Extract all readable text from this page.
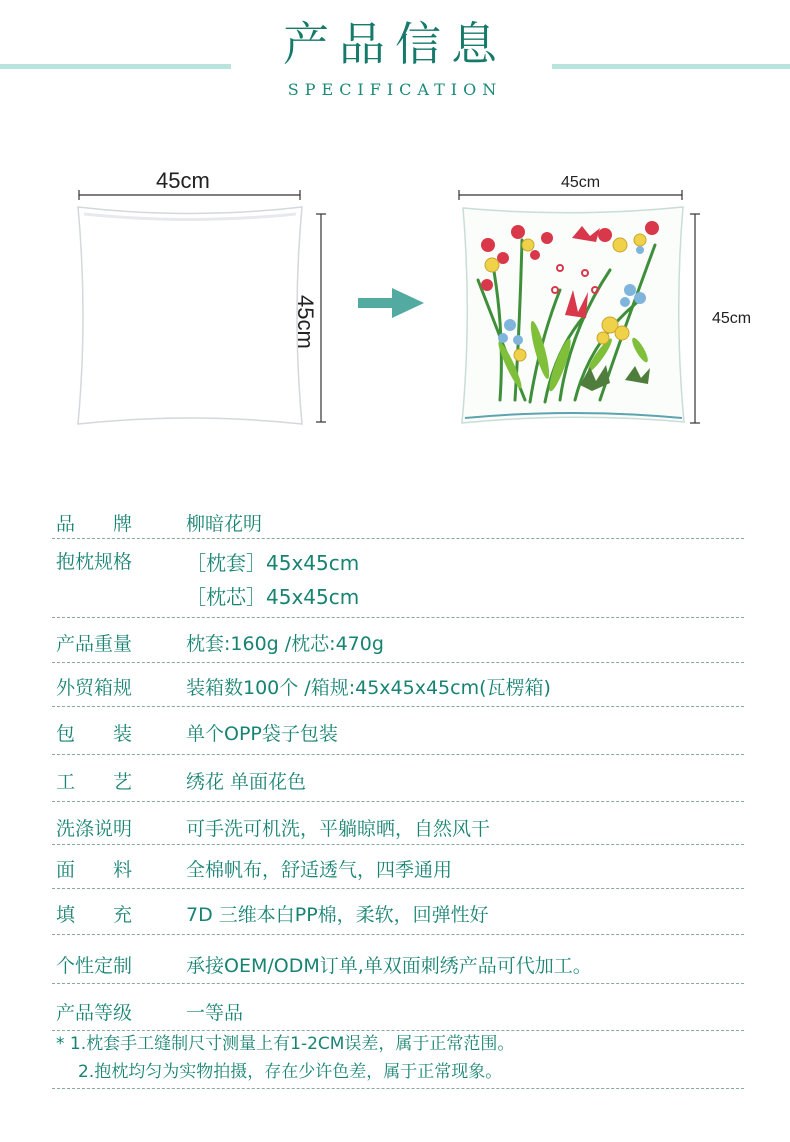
产品信息
SPECIFICATION
45cm
45cm
45cm
45cm
品　　牌	柳暗花明
抱枕规格	［枕套］45x45cm
［枕芯］45x45cm
产品重量	枕套:160g /枕芯:470g
外贸箱规	装箱数100个 /箱规:45x45x45cm(瓦楞箱)
包　　装	单个OPP袋子包装
工　　艺	绣花 单面花色
洗涤说明	可手洗可机洗，平躺晾晒，自然风干
面　　料	全棉帆布，舒适透气，四季通用
填　　充	7D 三维本白PP棉，柔软，回弹性好
个性定制	承接OEM/ODM订单,单双面刺绣产品可代加工。
产品等级	一等品
* 1.枕套手工缝制尺寸测量上有1-2CM误差，属于正常范围。
2.抱枕均匀为实物拍摄，存在少许色差，属于正常现象。
